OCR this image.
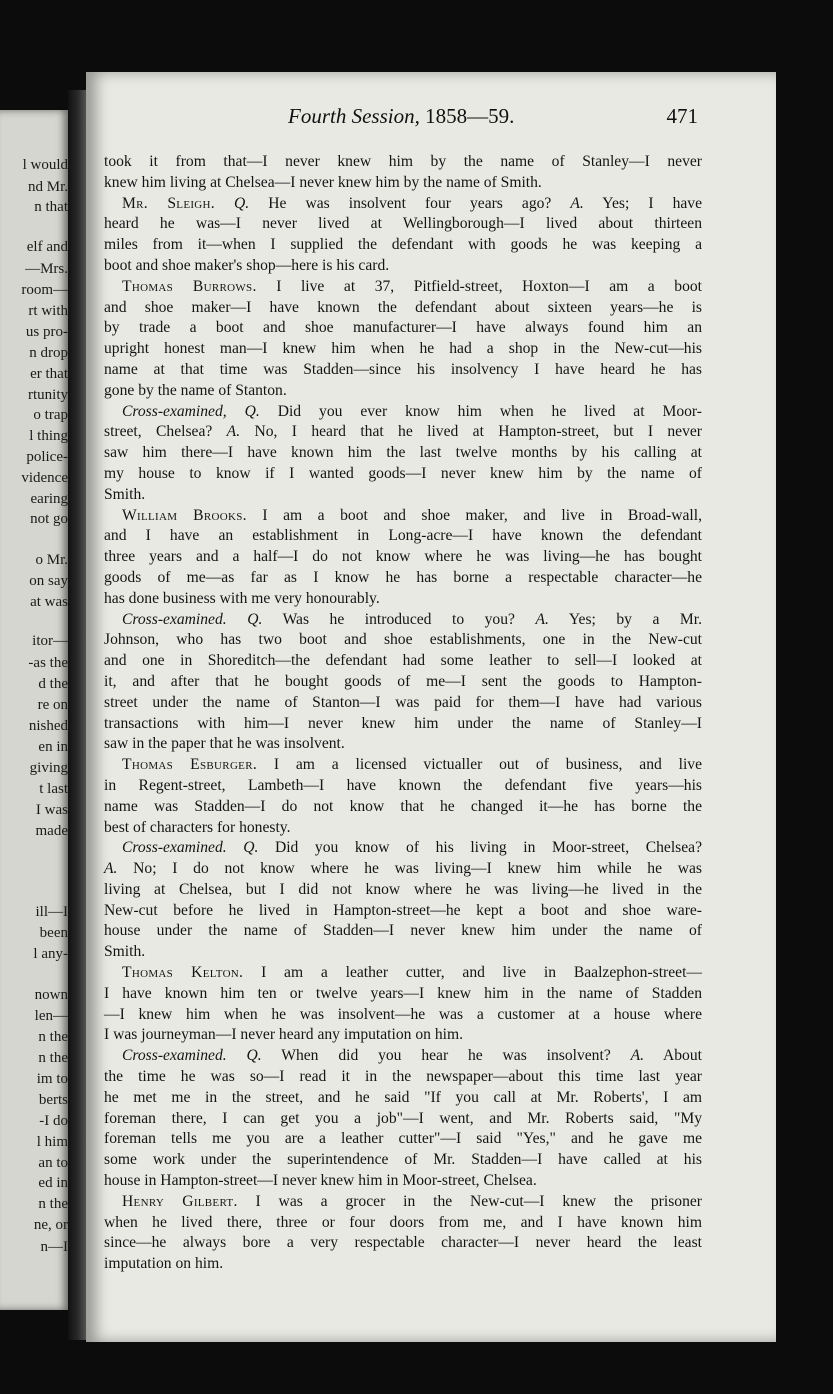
l would
nd Mr.
n that
elf and
—Mrs.
room—
rt with
us pro-
n drop
er that
rtunity
o trap
l thing
police-
vidence
earing
not go
o Mr.
on say
at was
itor—
-as the
d the
re on
nished
en in
giving
t last
I was
made
ill—I
been
l any-
nown
len—
n the
n the
im to
berts
-I do
l him
an to
ed in
n the
ne, or
n—I
Fourth Session, 1858—59.	471
took it from that—I never knew him by the name of Stanley—I never
knew him living at Chelsea—I never knew him by the name of Smith.
Mr. Sleigh. Q. He was insolvent four years ago? A. Yes; I have
heard he was—I never lived at Wellingborough—I lived about thirteen
miles from it—when I supplied the defendant with goods he was keeping a
boot and shoe maker's shop—here is his card.
Thomas Burrows. I live at 37, Pitfield-street, Hoxton—I am a boot
and shoe maker—I have known the defendant about sixteen years—he is
by trade a boot and shoe manufacturer—I have always found him an
upright honest man—I knew him when he had a shop in the New-cut—his
name at that time was Stadden—since his insolvency I have heard he has
gone by the name of Stanton.
Cross-examined, Q. Did you ever know him when he lived at Moor-
street, Chelsea? A. No, I heard that he lived at Hampton-street, but I never
saw him there—I have known him the last twelve months by his calling at
my house to know if I wanted goods—I never knew him by the name of
Smith.
William Brooks. I am a boot and shoe maker, and live in Broad-wall,
and I have an establishment in Long-acre—I have known the defendant
three years and a half—I do not know where he was living—he has bought
goods of me—as far as I know he has borne a respectable character—he
has done business with me very honourably.
Cross-examined. Q. Was he introduced to you? A. Yes; by a Mr.
Johnson, who has two boot and shoe establishments, one in the New-cut
and one in Shoreditch—the defendant had some leather to sell—I looked at
it, and after that he bought goods of me—I sent the goods to Hampton-
street under the name of Stanton—I was paid for them—I have had various
transactions with him—I never knew him under the name of Stanley—I
saw in the paper that he was insolvent.
Thomas Esburger. I am a licensed victualler out of business, and live
in Regent-street, Lambeth—I have known the defendant five years—his
name was Stadden—I do not know that he changed it—he has borne the
best of characters for honesty.
Cross-examined. Q. Did you know of his living in Moor-street, Chelsea?
A. No; I do not know where he was living—I knew him while he was
living at Chelsea, but I did not know where he was living—he lived in the
New-cut before he lived in Hampton-street—he kept a boot and shoe ware-
house under the name of Stadden—I never knew him under the name of
Smith.
Thomas Kelton. I am a leather cutter, and live in Baalzephon-street—
I have known him ten or twelve years—I knew him in the name of Stadden
—I knew him when he was insolvent—he was a customer at a house where
I was journeyman—I never heard any imputation on him.
Cross-examined. Q. When did you hear he was insolvent? A. About
the time he was so—I read it in the newspaper—about this time last year
he met me in the street, and he said "If you call at Mr. Roberts', I am
foreman there, I can get you a job"—I went, and Mr. Roberts said, "My
foreman tells me you are a leather cutter"—I said "Yes," and he gave me
some work under the superintendence of Mr. Stadden—I have called at his
house in Hampton-street—I never knew him in Moor-street, Chelsea.
Henry Gilbert. I was a grocer in the New-cut—I knew the prisoner
when he lived there, three or four doors from me, and I have known him
since—he always bore a very respectable character—I never heard the least
imputation on him.
